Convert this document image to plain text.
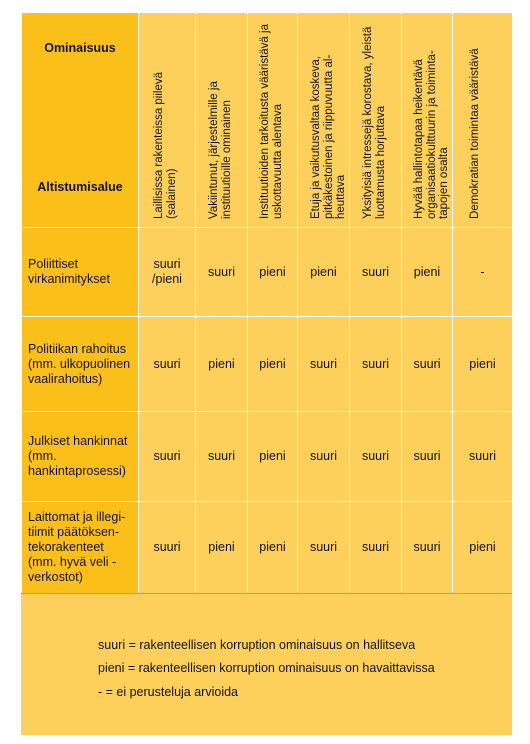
Ominaisuus
Altistumisalue	Laillisissa rakenteissa piilevä (salainen)	Vakiintunut, järjestelmille ja instituutioille ominainen	Instituutioiden tarkoitusta vääristävä ja uskottavuutta alentava	Etuja ja vaikutusvaltaa koskeva, pitkäkestoinen ja riippuvuutta al-heuttava	Yksityisiä intressejä korostava, yleistä luottamusta horjuttava	Hyvää hallintotapaa heikentävä organisaatiokulttuurin ja toiminta-tapojen osalta	Demokratian toimintaa vääristävä

Poliittiset virkanimitykset	suuri /pieni	suuri	pieni	pieni	suuri	pieni	-
Politiikan rahoitus (mm. ulkopuolinen vaalirahoitus)	suuri	pieni	pieni	suuri	suuri	suuri	pieni
Julkiset hankinnat (mm. hankintaprosessi)	suuri	suuri	pieni	suuri	suuri	suuri	suuri
Laittomat ja illegi-tiimit päätöksen-tekorakenteet (mm. hyvä veli -verkostot)	suuri	pieni	pieni	suuri	suuri	suuri	pieni
suuri = rakenteellisen korruption ominaisuus on hallitseva
pieni = rakenteellisen korruption ominaisuus on havaittavissa
- = ei perusteluja arvioida
